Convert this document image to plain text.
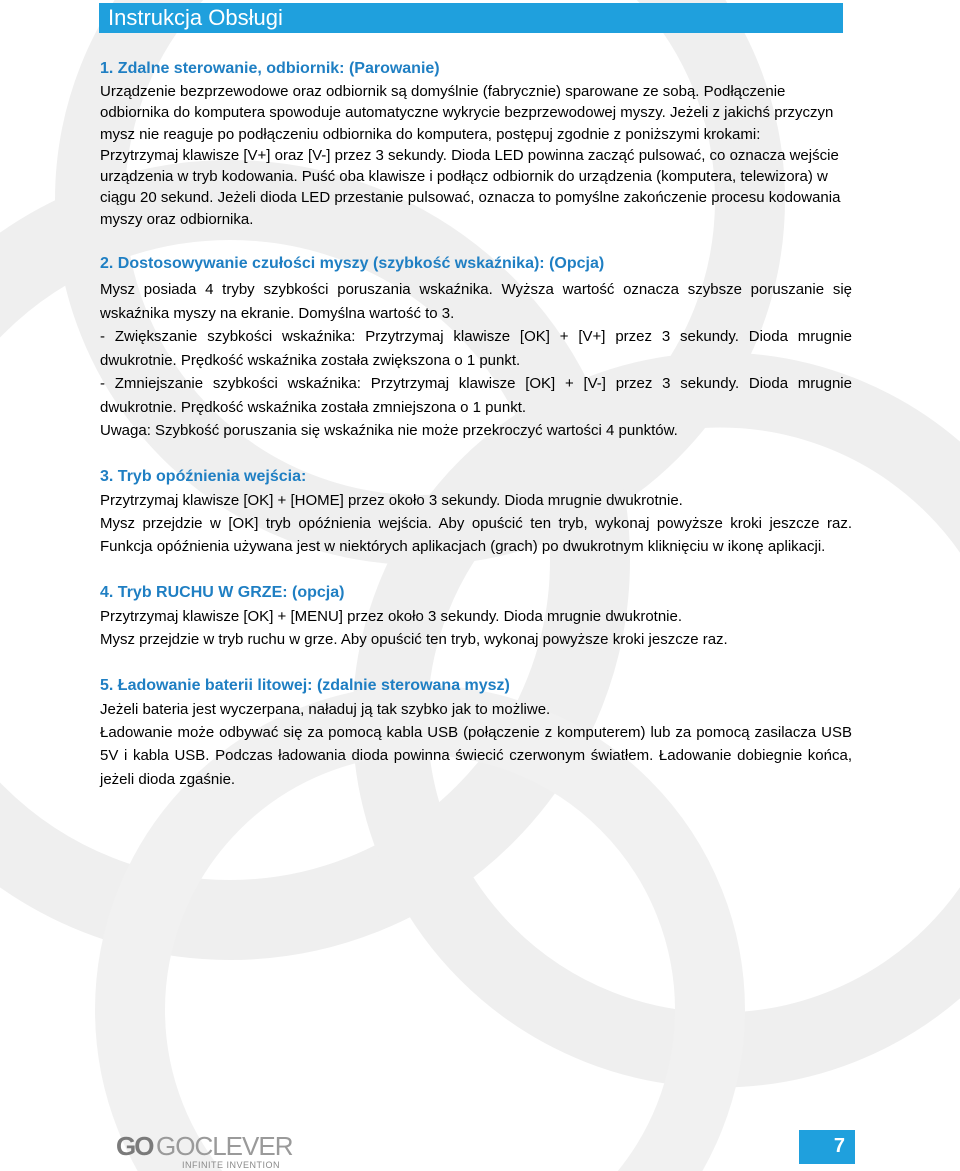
Instrukcja Obsługi

1. Zdalne sterowanie, odbiornik: (Parowanie)

Urządzenie bezprzewodowe oraz odbiornik są domyślnie (fabrycznie) sparowane ze sobą. Podłączenie odbiornika do komputera spowoduje automatyczne wykrycie bezprzewodowej myszy. Jeżeli z jakichś przyczyn mysz nie reaguje po podłączeniu odbiornika do komputera, postępuj zgodnie z poniższymi krokami:

Przytrzymaj klawisze [V+] oraz [V-] przez 3 sekundy. Dioda LED powinna zacząć pulsować, co oznacza wejście urządzenia w tryb kodowania. Puść oba klawisze i podłącz odbiornik do urządzenia (komputera, telewizora) w ciągu 20 sekund. Jeżeli dioda LED przestanie pulsować, oznacza to pomyślne zakończenie procesu kodowania myszy oraz odbiornika.

2. Dostosowywanie czułości myszy (szybkość wskaźnika): (Opcja)

Mysz posiada 4 tryby szybkości poruszania wskaźnika. Wyższa wartość oznacza szybsze poruszanie się wskaźnika myszy na ekranie. Domyślna wartość to 3.

- Zwiększanie szybkości wskaźnika: Przytrzymaj klawisze [OK] + [V+] przez 3 sekundy. Dioda mrugnie dwukrotnie. Prędkość wskaźnika została zwiększona o 1 punkt.

- Zmniejszanie szybkości wskaźnika: Przytrzymaj klawisze [OK] + [V-] przez 3 sekundy. Dioda mrugnie dwukrotnie. Prędkość wskaźnika została zmniejszona o 1 punkt.

Uwaga: Szybkość poruszania się wskaźnika nie może przekroczyć wartości 4 punktów.

3. Tryb opóźnienia wejścia:

Przytrzymaj klawisze [OK] + [HOME] przez około 3 sekundy. Dioda mrugnie dwukrotnie.

Mysz przejdzie w [OK] tryb opóźnienia wejścia. Aby opuścić ten tryb, wykonaj powyższe kroki jeszcze raz. Funkcja opóźnienia używana jest w niektórych aplikacjach (grach) po dwukrotnym kliknięciu w ikonę aplikacji.

4. Tryb RUCHU W GRZE: (opcja)

Przytrzymaj klawisze [OK] + [MENU] przez około 3 sekundy. Dioda mrugnie dwukrotnie.

Mysz przejdzie w tryb ruchu w grze. Aby opuścić ten tryb, wykonaj powyższe kroki jeszcze raz.

5. Ładowanie baterii litowej: (zdalnie sterowana mysz)

Jeżeli bateria jest wyczerpana, naładuj ją tak szybko jak to możliwe.

Ładowanie może odbywać się za pomocą kabla USB (połączenie z komputerem) lub za pomocą zasilacza USB 5V i kabla USB. Podczas ładowania dioda powinna świecić czerwonym światłem. Ładowanie dobiegnie końca, jeżeli dioda zgaśnie.

GO GOCLEVER
INFINITE INVENTION
7
